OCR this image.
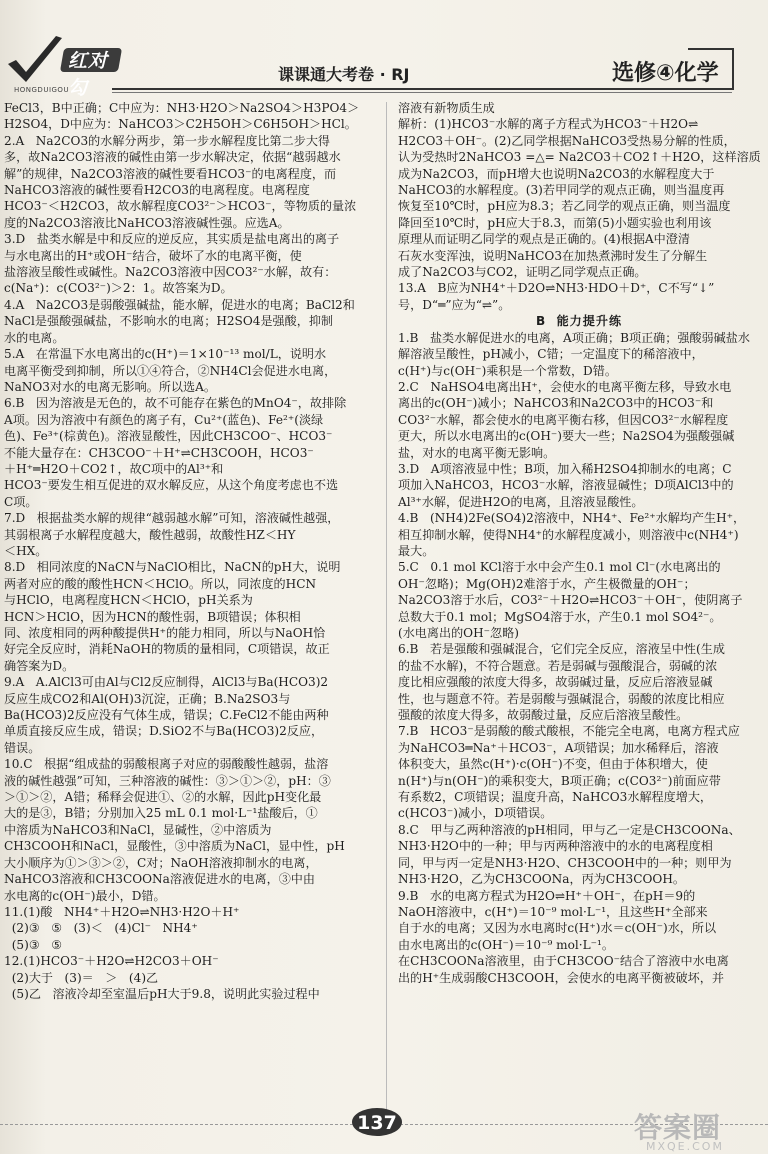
红对勾
HONGDUIGOU
课课通大考卷 · RJ	选修④化学

FeCl3，B中正确；C中应为：NH3·H2O＞Na2SO4＞H3PO4＞

H2SO4，D中应为：NaHCO3＞C2H5OH＞C6H5OH＞HCl。

2.A   Na2CO3的水解分两步，第一步水解程度比第二步大得

多，故Na2CO3溶液的碱性由第一步水解决定，依据“越弱越水

解”的规律，Na2CO3溶液的碱性要看HCO3⁻的电离程度，而

NaHCO3溶液的碱性要看H2CO3的电离程度。电离程度

HCO3⁻＜H2CO3，故水解程度CO3²⁻＞HCO3⁻，等物质的量浓

度的Na2CO3溶液比NaHCO3溶液碱性强。应选A。

3.D   盐类水解是中和反应的逆反应，其实质是盐电离出的离子

与水电离出的H⁺或OH⁻结合，破坏了水的电离平衡，使

盐溶液呈酸性或碱性。Na2CO3溶液中因CO3²⁻水解，故有：

c(Na⁺)：c(CO3²⁻)＞2：1。故答案为D。

4.A   Na2CO3是弱酸强碱盐，能水解，促进水的电离；BaCl2和

NaCl是强酸强碱盐，不影响水的电离；H2SO4是强酸，抑制

水的电离。

5.A   在常温下水电离出的c(H⁺)＝1×10⁻¹³ mol/L，说明水

电离平衡受到抑制，所以①④符合，②NH4Cl会促进水电离，

NaNO3对水的电离无影响。所以选A。

6.B   因为溶液是无色的，故不可能存在紫色的MnO4⁻，故排除

A项。因为溶液中有颜色的离子有，Cu²⁺(蓝色)、Fe²⁺(淡绿

色)、Fe³⁺(棕黄色)。溶液显酸性，因此CH3COO⁻、HCO3⁻

不能大量存在：CH3COO⁻＋H⁺⇌CH3COOH，HCO3⁻

＋H⁺═H2O＋CO2↑，故C项中的Al³⁺和

HCO3⁻要发生相互促进的双水解反应，从这个角度考虑也不选

C项。

7.D   根据盐类水解的规律“越弱越水解”可知，溶液碱性越强，

其弱根离子水解程度越大，酸性越弱，故酸性HZ＜HY

＜HX。

8.D   相同浓度的NaCN与NaClO相比，NaCN的pH大，说明

两者对应的酸的酸性HCN＜HClO。所以，同浓度的HCN

与HClO，电离程度HCN＜HClO，pH关系为

HCN＞HClO，因为HCN的酸性弱，B项错误；体积相

同、浓度相同的两种酸提供H⁺的能力相同，所以与NaOH恰

好完全反应时，消耗NaOH的物质的量相同，C项错误，故正

确答案为D。

9.A   A.AlCl3可由Al与Cl2反应制得，AlCl3与Ba(HCO3)2

反应生成CO2和Al(OH)3沉淀，正确；B.Na2SO3与

Ba(HCO3)2反应没有气体生成，错误；C.FeCl2不能由两种

单质直接反应生成，错误；D.SiO2不与Ba(HCO3)2反应，

错误。

10.C   根据“组成盐的弱酸根离子对应的弱酸酸性越弱，盐溶

液的碱性越强”可知，三种溶液的碱性：③＞①＞②，pH：③

＞①＞②，A错；稀释会促进①、②的水解，因此pH变化最

大的是③，B错；分别加入25 mL 0.1 mol·L⁻¹盐酸后，①

中溶质为NaHCO3和NaCl，显碱性，②中溶质为

CH3COOH和NaCl，显酸性，③中溶质为NaCl，显中性，pH

大小顺序为①＞③＞②，C对；NaOH溶液抑制水的电离，

NaHCO3溶液和CH3COONa溶液促进水的电离，③中由

水电离的c(OH⁻)最小，D错。

11.(1)酸   NH4⁺＋H2O⇌NH3·H2O＋H⁺

(2)③   ⑤   (3)＜   (4)Cl⁻   NH4⁺

(5)③   ⑤

12.(1)HCO3⁻＋H2O⇌H2CO3＋OH⁻

(2)大于   (3)＝   ＞   (4)乙

(5)乙   溶液冷却至室温后pH大于9.8，说明此实验过程中

溶液有新物质生成

解析：(1)HCO3⁻水解的离子方程式为HCO3⁻＋H2O⇌

H2CO3＋OH⁻。(2)乙同学根据NaHCO3受热易分解的性质，

认为受热时2NaHCO3 =△= Na2CO3＋CO2↑＋H2O，这样溶质

成为Na2CO3，而pH增大也说明Na2CO3的水解程度大于

NaHCO3的水解程度。(3)若甲同学的观点正确，则当温度再

恢复至10℃时，pH应为8.3；若乙同学的观点正确，则当温度

降回至10℃时，pH应大于8.3，而第(5)小题实验也利用该

原理从而证明乙同学的观点是正确的。(4)根据A中澄清

石灰水变浑浊，说明NaHCO3在加热煮沸时发生了分解生

成了Na2CO3与CO2，证明乙同学观点正确。

13.A   B应为NH4⁺＋D2O⇌NH3·HDO＋D⁺，C不写“↓”

号，D“═”应为“⇌”。

B  能力提升练

1.B   盐类水解促进水的电离，A项正确；B项正确；强酸弱碱盐水

解溶液呈酸性，pH减小，C错；一定温度下的稀溶液中，

c(H⁺)与c(OH⁻)乘积是一个常数，D错。

2.C   NaHSO4电离出H⁺，会使水的电离平衡左移，导致水电

离出的c(OH⁻)减小；NaHCO3和Na2CO3中的HCO3⁻和

CO3²⁻水解，都会使水的电离平衡右移，但因CO3²⁻水解程度

更大，所以水电离出的c(OH⁻)要大一些；Na2SO4为强酸强碱

盐，对水的电离平衡无影响。

3.D   A项溶液显中性；B项，加入稀H2SO4抑制水的电离；C

项加入NaHCO3，HCO3⁻水解，溶液显碱性；D项AlCl3中的

Al³⁺水解，促进H2O的电离，且溶液显酸性。

4.B   (NH4)2Fe(SO4)2溶液中，NH4⁺、Fe²⁺水解均产生H⁺，

相互抑制水解，使得NH4⁺的水解程度减小，则溶液中c(NH4⁺)

最大。

5.C   0.1 mol KCl溶于水中会产生0.1 mol Cl⁻(水电离出的

OH⁻忽略)；Mg(OH)2难溶于水，产生极微量的OH⁻；

Na2CO3溶于水后，CO3²⁻＋H2O⇌HCO3⁻＋OH⁻，使阴离子

总数大于0.1 mol；MgSO4溶于水，产生0.1 mol SO4²⁻。

(水电离出的OH⁻忽略)

6.B   若是强酸和强碱混合，它们完全反应，溶液呈中性(生成

的盐不水解)，不符合题意。若是弱碱与强酸混合，弱碱的浓

度比相应强酸的浓度大得多，故弱碱过量，反应后溶液显碱

性，也与题意不符。若是弱酸与强碱混合，弱酸的浓度比相应

强酸的浓度大得多，故弱酸过量，反应后溶液呈酸性。

7.B   HCO3⁻是弱酸的酸式酸根，不能完全电离，电离方程式应

为NaHCO3═Na⁺＋HCO3⁻，A项错误；加水稀释后，溶液

体积变大，虽然c(H⁺)·c(OH⁻)不变，但由于体积增大，使

n(H⁺)与n(OH⁻)的乘积变大，B项正确；c(CO3²⁻)前面应带

有系数2，C项错误；温度升高，NaHCO3水解程度增大，

c(HCO3⁻)减小，D项错误。

8.C   甲与乙两种溶液的pH相同，甲与乙一定是CH3COONa、

NH3·H2O中的一种；甲与丙两种溶液中的水的电离程度相

同，甲与丙一定是NH3·H2O、CH3COOH中的一种；则甲为

NH3·H2O，乙为CH3COONa，丙为CH3COOH。

9.B   水的电离方程式为H2O⇌H⁺＋OH⁻，在pH＝9的

NaOH溶液中，c(H⁺)＝10⁻⁹ mol·L⁻¹，且这些H⁺全部来

自于水的电离；又因为水电离时c(H⁺)水＝c(OH⁻)水，所以

由水电离出的c(OH⁻)＝10⁻⁹ mol·L⁻¹。

在CH3COONa溶液里，由于CH3COO⁻结合了溶液中水电离

出的H⁺生成弱酸CH3COOH，会使水的电离平衡被破坏，并

137	答案圈
MXQE.COM
